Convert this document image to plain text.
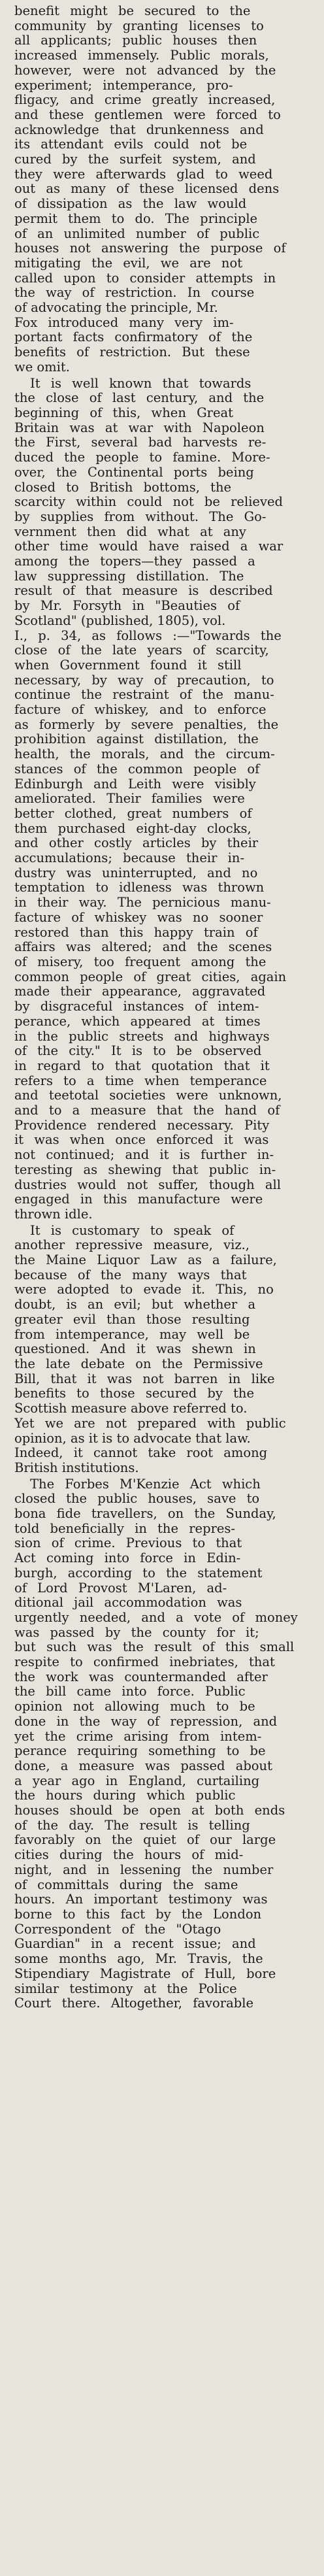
benefit might be secured to the
community by granting licenses to
all applicants; public houses then
increased immensely. Public morals,
however, were not advanced by the
experiment; intemperance, pro-
fligacy, and crime greatly increased,
and these gentlemen were forced to
acknowledge that drunkenness and
its attendant evils could not be
cured by the surfeit system, and
they were afterwards glad to weed
out as many of these licensed dens
of dissipation as the law would
permit them to do. The principle
of an unlimited number of public
houses not answering the purpose of
mitigating the evil, we are not
called upon to consider attempts in
the way of restriction. In course
of advocating the principle, Mr.
Fox introduced many very im-
portant facts confirmatory of the
benefits of restriction. But these
we omit.
It is well known that towards
the close of last century, and the
beginning of this, when Great
Britain was at war with Napoleon
the First, several bad harvests re-
duced the people to famine. More-
over, the Continental ports being
closed to British bottoms, the
scarcity within could not be relieved
by supplies from without. The Go-
vernment then did what at any
other time would have raised a war
among the topers—they passed a
law suppressing distillation. The
result of that measure is described
by Mr. Forsyth in "Beauties of
Scotland" (published, 1805), vol.
I., p. 34, as follows :—"Towards the
close of the late years of scarcity,
when Government found it still
necessary, by way of precaution, to
continue the restraint of the manu-
facture of whiskey, and to enforce
as formerly by severe penalties, the
prohibition against distillation, the
health, the morals, and the circum-
stances of the common people of
Edinburgh and Leith were visibly
ameliorated. Their families were
better clothed, great numbers of
them purchased eight-day clocks,
and other costly articles by their
accumulations; because their in-
dustry was uninterrupted, and no
temptation to idleness was thrown
in their way. The pernicious manu-
facture of whiskey was no sooner
restored than this happy train of
affairs was altered; and the scenes
of misery, too frequent among the
common people of great cities, again
made their appearance, aggravated
by disgraceful instances of intem-
perance, which appeared at times
in the public streets and highways
of the city." It is to be observed
in regard to that quotation that it
refers to a time when temperance
and teetotal societies were unknown,
and to a measure that the hand of
Providence rendered necessary. Pity
it was when once enforced it was
not continued; and it is further in-
teresting as shewing that public in-
dustries would not suffer, though all
engaged in this manufacture were
thrown idle.
It is customary to speak of
another repressive measure, viz.,
the Maine Liquor Law as a failure,
because of the many ways that
were adopted to evade it. This, no
doubt, is an evil; but whether a
greater evil than those resulting
from intemperance, may well be
questioned. And it was shewn in
the late debate on the Permissive
Bill, that it was not barren in like
benefits to those secured by the
Scottish measure above referred to.
Yet we are not prepared with public
opinion, as it is to advocate that law.
Indeed, it cannot take root among
British institutions.
The Forbes M'Kenzie Act which
closed the public houses, save to
bona fide travellers, on the Sunday,
told beneficially in the repres-
sion of crime. Previous to that
Act coming into force in Edin-
burgh, according to the statement
of Lord Provost M'Laren, ad-
ditional jail accommodation was
urgently needed, and a vote of money
was passed by the county for it;
but such was the result of this small
respite to confirmed inebriates, that
the work was countermanded after
the bill came into force. Public
opinion not allowing much to be
done in the way of repression, and
yet the crime arising from intem-
perance requiring something to be
done, a measure was passed about
a year ago in England, curtailing
the hours during which public
houses should be open at both ends
of the day. The result is telling
favorably on the quiet of our large
cities during the hours of mid-
night, and in lessening the number
of committals during the same
hours. An important testimony was
borne to this fact by the London
Correspondent of the "Otago
Guardian" in a recent issue; and
some months ago, Mr. Travis, the
Stipendiary Magistrate of Hull, bore
similar testimony at the Police
Court there. Altogether, favorable
